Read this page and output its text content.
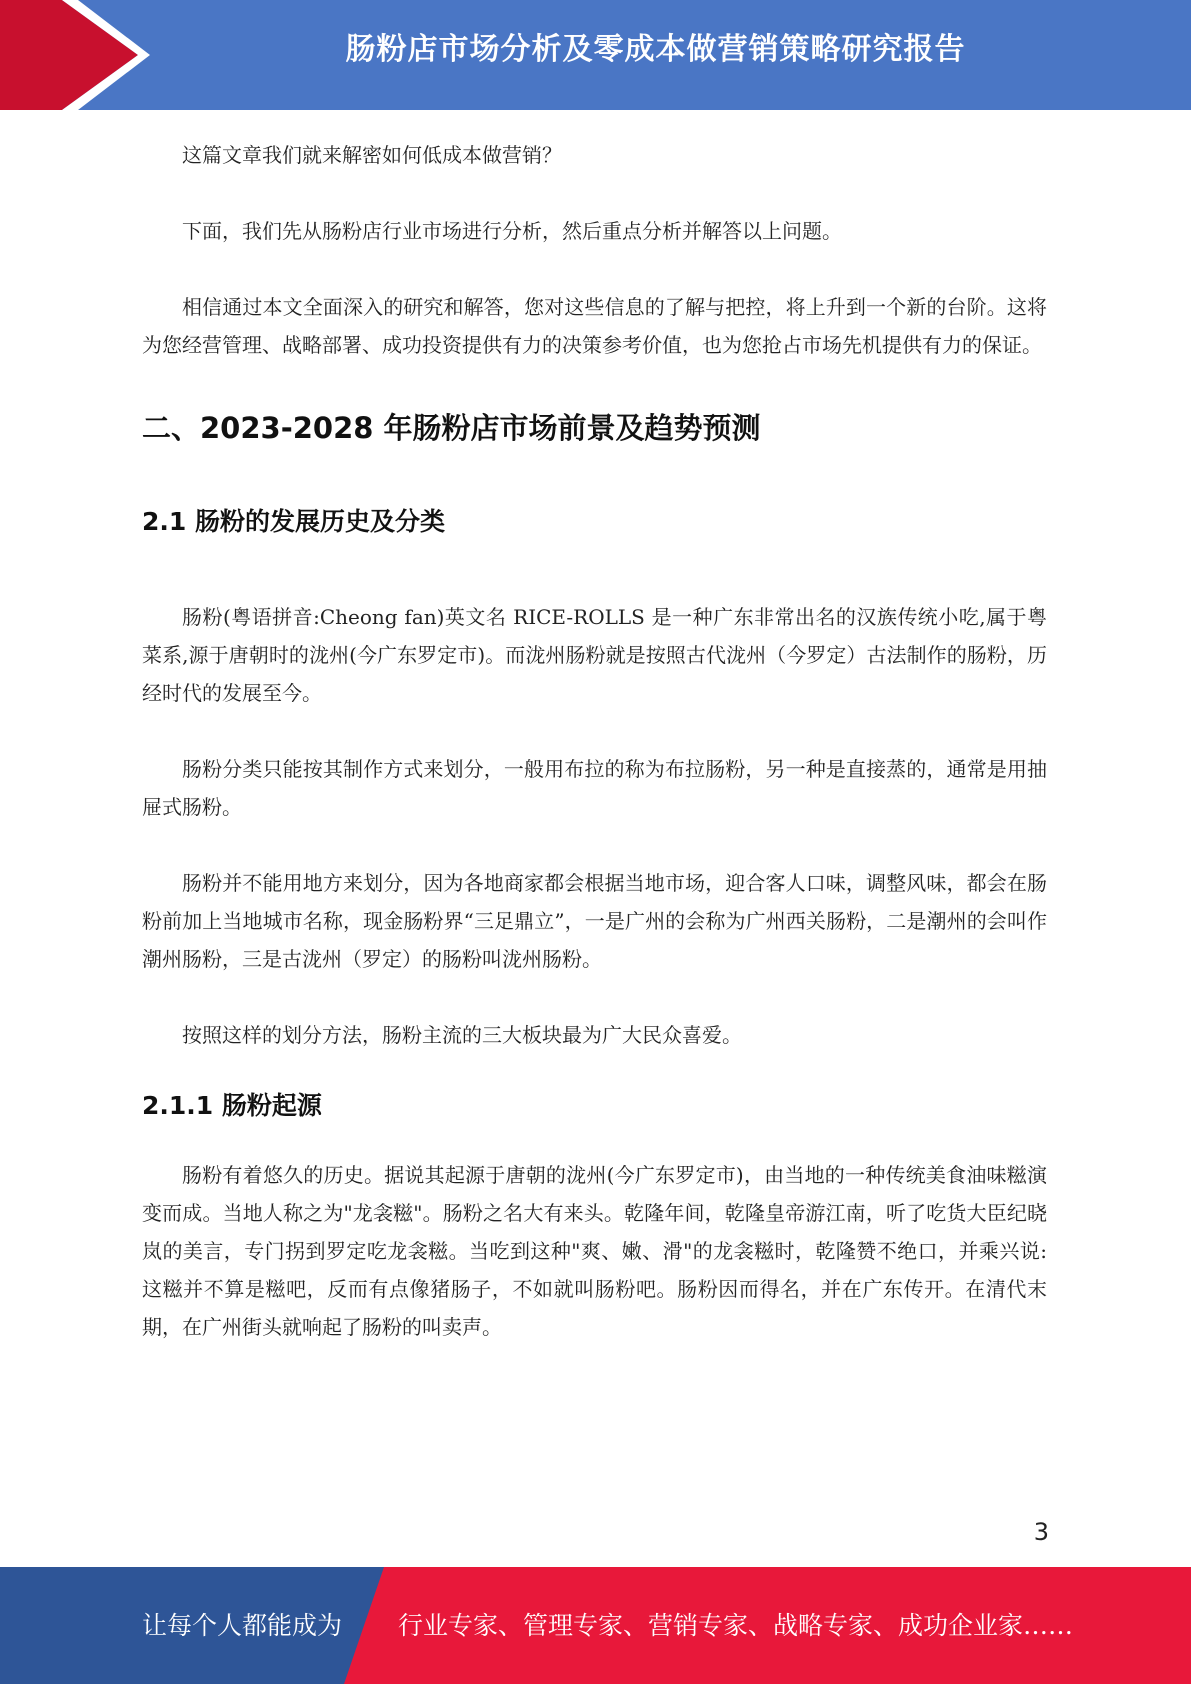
肠粉店市场分析及零成本做营销策略研究报告

这篇文章我们就来解密如何低成本做营销？

下面，我们先从肠粉店行业市场进行分析，然后重点分析并解答以上问题。

相信通过本文全面深入的研究和解答，您对这些信息的了解与把控，将上升到一个新的台阶。这将为您经营管理、战略部署、成功投资提供有力的决策参考价值，也为您抢占市场先机提供有力的保证。

二、2023-2028 年肠粉店市场前景及趋势预测
2.1 肠粉的发展历史及分类

肠粉(粤语拼音:Cheong fan)英文名 RICE-ROLLS 是一种广东非常出名的汉族传统小吃,属于粤菜系,源于唐朝时的泷州(今广东罗定市)。而泷州肠粉就是按照古代泷州（今罗定）古法制作的肠粉，历经时代的发展至今。

肠粉分类只能按其制作方式来划分，一般用布拉的称为布拉肠粉，另一种是直接蒸的，通常是用抽屉式肠粉。

肠粉并不能用地方来划分，因为各地商家都会根据当地市场，迎合客人口味，调整风味，都会在肠粉前加上当地城市名称，现金肠粉界“三足鼎立”，一是广州的会称为广州西关肠粉，二是潮州的会叫作潮州肠粉，三是古泷州（罗定）的肠粉叫泷州肠粉。

按照这样的划分方法，肠粉主流的三大板块最为广大民众喜爱。

2.1.1 肠粉起源

肠粉有着悠久的历史。据说其起源于唐朝的泷州(今广东罗定市)，由当地的一种传统美食油味糍演变而成。当地人称之为"龙衾糍"。肠粉之名大有来头。乾隆年间，乾隆皇帝游江南，听了吃货大臣纪晓岚的美言，专门拐到罗定吃龙衾糍。当吃到这种"爽、嫩、滑"的龙衾糍时，乾隆赞不绝口，并乘兴说:这糍并不算是糍吧，反而有点像猪肠子，不如就叫肠粉吧。肠粉因而得名，并在广东传开。在清代末期，在广州街头就响起了肠粉的叫卖声。

3
让每个人都能成为 行业专家、管理专家、营销专家、战略专家、成功企业家……
